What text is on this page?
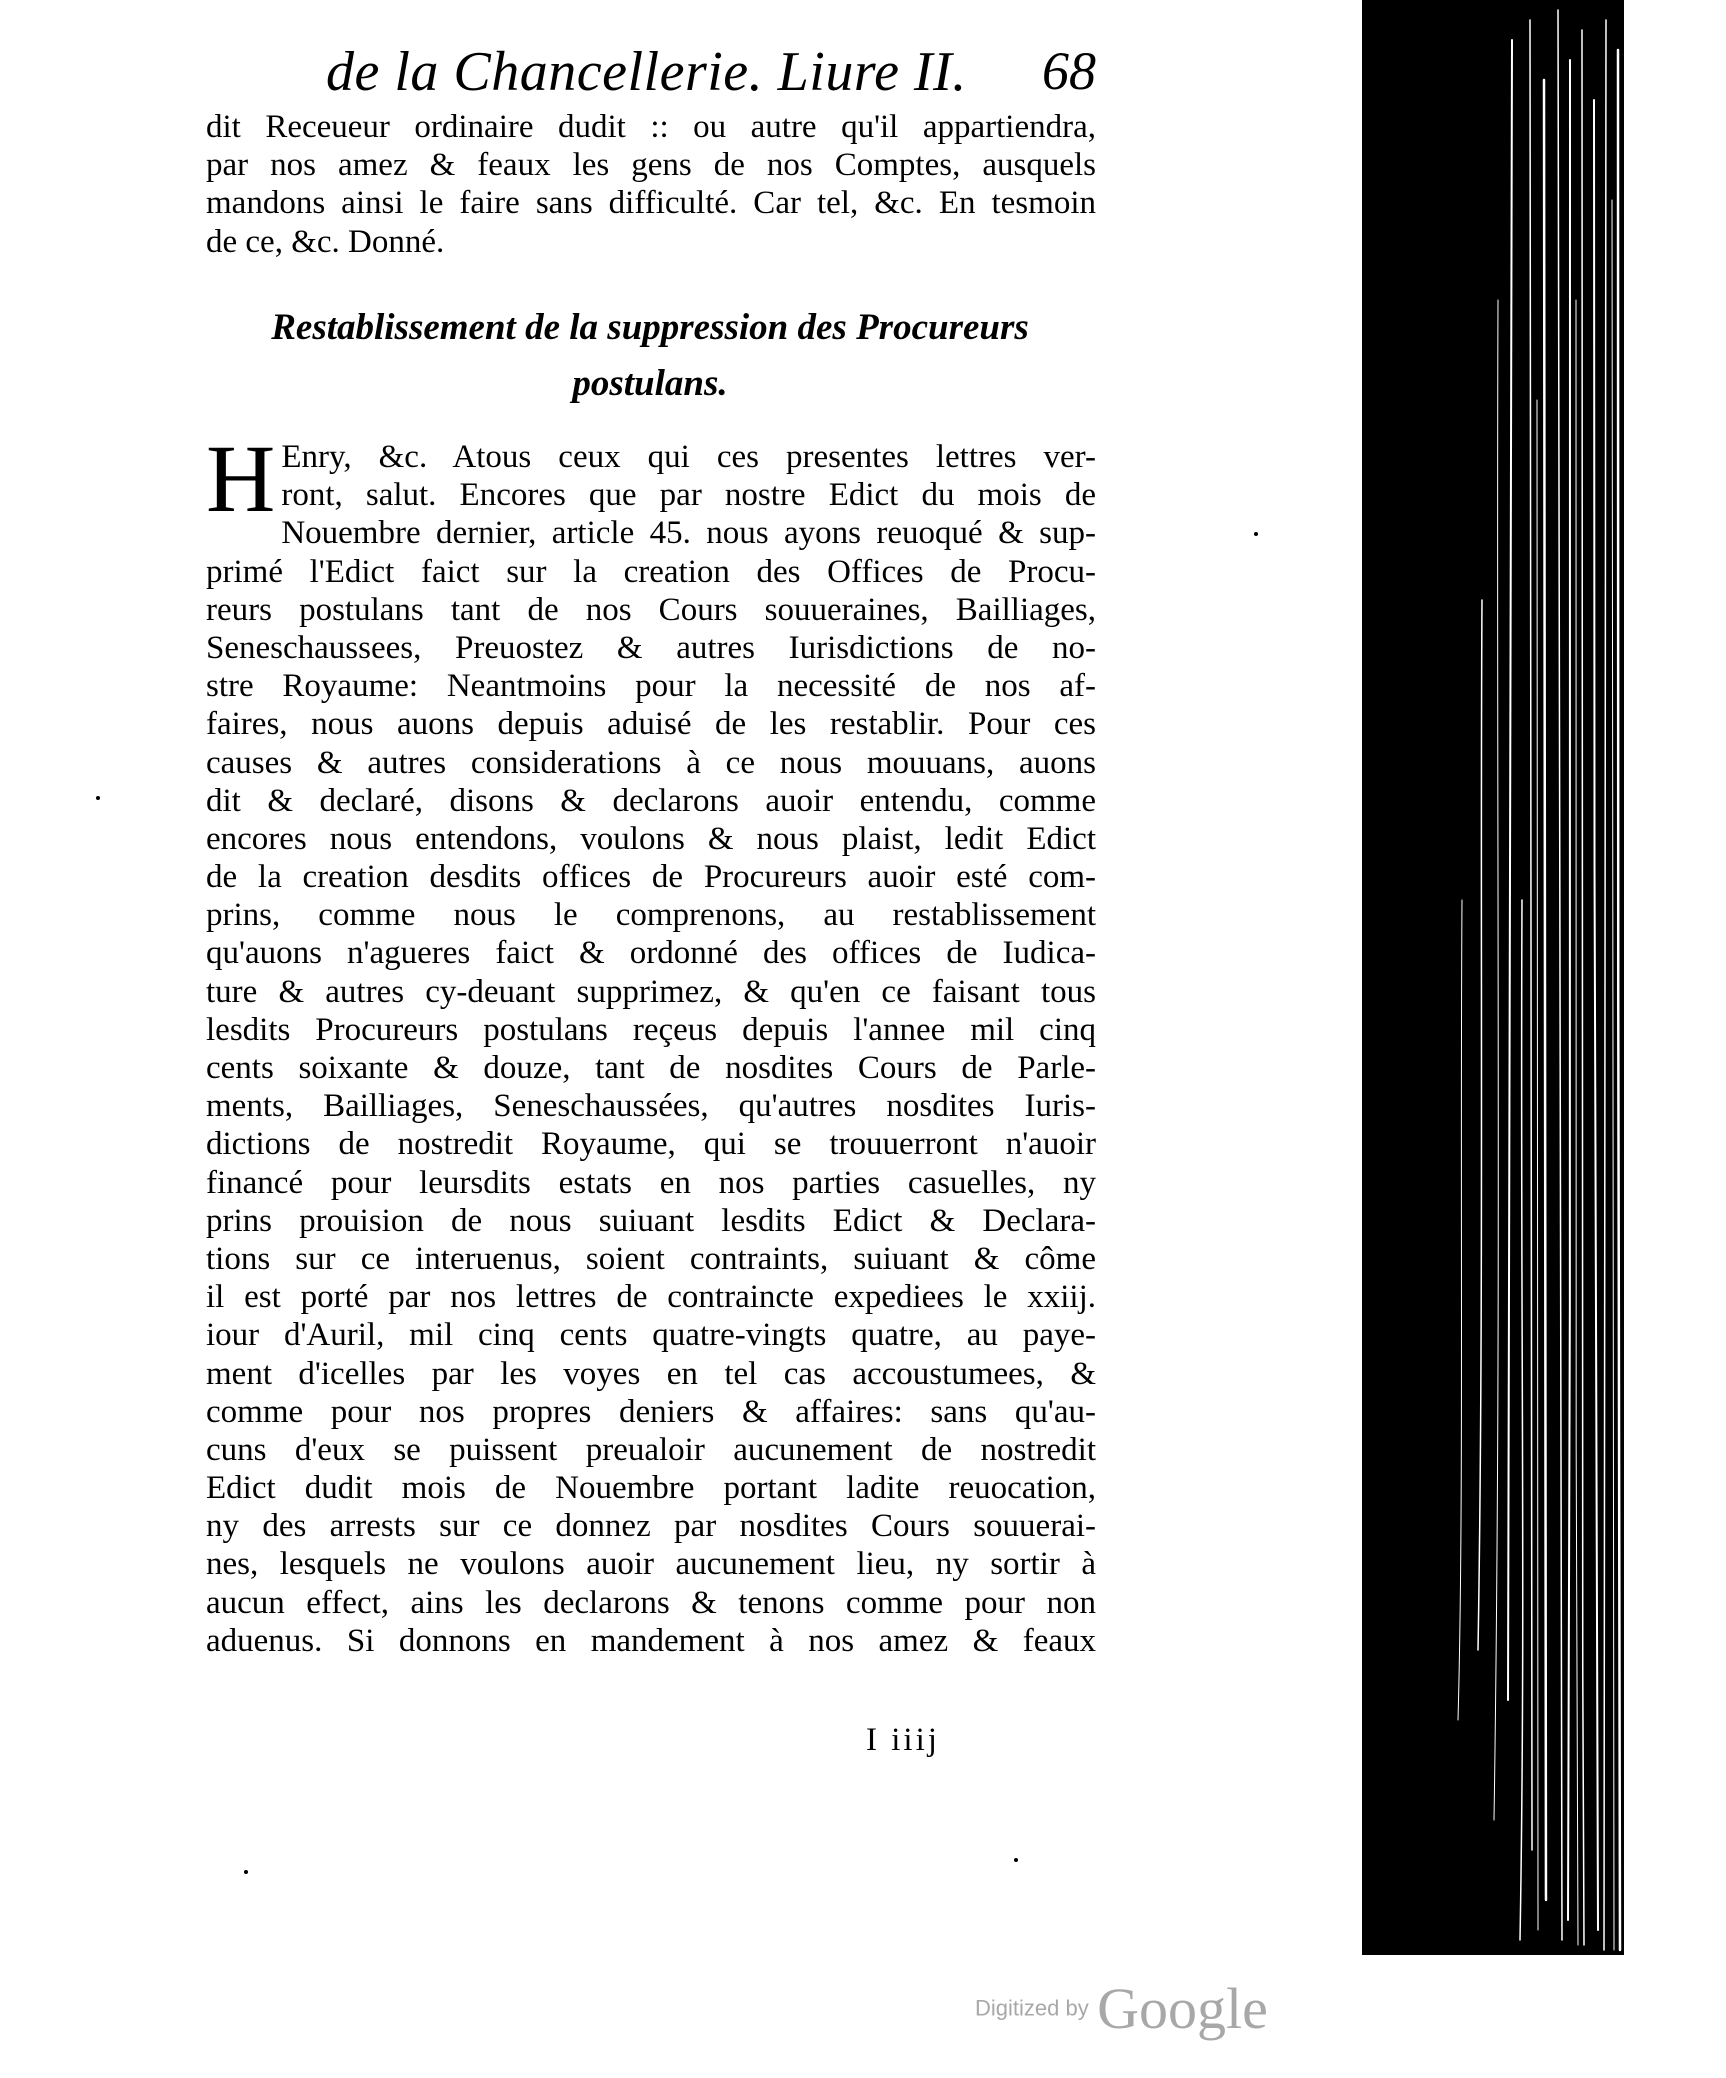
de la Chancellerie. Liure II. 68
dit Receueur ordinaire dudit :: ou autre qu'il appartiendra,
par nos amez & feaux les gens de nos Comptes, ausquels
mandons ainsi le faire sans difficulté. Car tel, &c. En tesmoin
de ce, &c. Donné.
Restablissement de la suppression des Procureurs
postulans.
H Enry, &c. Atous ceux qui ces presentes lettres ver-
ront, salut. Encores que par nostre Edict du mois de
Nouembre dernier, article 45. nous ayons reuoqué & sup-
primé l'Edict faict sur la creation des Offices de Procu-
reurs postulans tant de nos Cours souueraines, Bailliages,
Seneschaussees, Preuostez & autres Iurisdictions de no-
stre Royaume: Neantmoins pour la necessité de nos af-
faires, nous auons depuis aduisé de les restablir. Pour ces
causes & autres considerations à ce nous mouuans, auons
dit & declaré, disons & declarons auoir entendu, comme
encores nous entendons, voulons & nous plaist, ledit Edict
de la creation desdits offices de Procureurs auoir esté com-
prins, comme nous le comprenons, au restablissement
qu'auons n'agueres faict & ordonné des offices de Iudica-
ture & autres cy-deuant supprimez, & qu'en ce faisant tous
lesdits Procureurs postulans reçeus depuis l'annee mil cinq
cents soixante & douze, tant de nosdites Cours de Parle-
ments, Bailliages, Seneschaussées, qu'autres nosdites Iuris-
dictions de nostredit Royaume, qui se trouuerront n'auoir
financé pour leursdits estats en nos parties casuelles, ny
prins prouision de nous suiuant lesdits Edict & Declara-
tions sur ce interuenus, soient contraints, suiuant & côme
il est porté par nos lettres de contraincte expediees le xxiij.
iour d'Auril, mil cinq cents quatre-vingts quatre, au paye-
ment d'icelles par les voyes en tel cas accoustumees, &
comme pour nos propres deniers & affaires: sans qu'au-
cuns d'eux se puissent preualoir aucunement de nostredit
Edict dudit mois de Nouembre portant ladite reuocation,
ny des arrests sur ce donnez par nosdites Cours souuerai-
nes, lesquels ne voulons auoir aucunement lieu, ny sortir à
aucun effect, ains les declarons & tenons comme pour non
aduenus. Si donnons en mandement à nos amez & feaux
I iiij
Digitized by Google
